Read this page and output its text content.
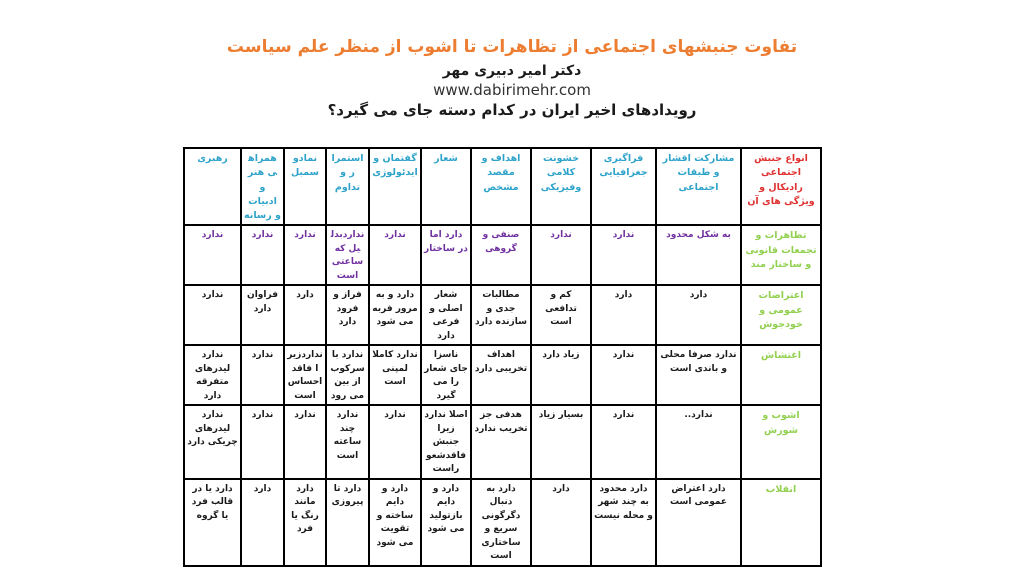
تفاوت جنبشهای اجتماعی از تظاهرات تا اشوب از منظر علم سیاست
دکتر امیر دبیری مهر
www.dabirimehr.com
رویدادهای اخیر ایران در کدام دسته جای می گیرد؟
انواع جنبش اجتماعی رادیکال و ویژگی های آن	مشارکت اقشار و طبقات اجتماعی	فراگیری جغرافیایی	خشونت کلامی وفیزیکی	اهداف و مقصد مشخص	شعار	گفتمان و ایدئولوژی	استمرار و تداوم	نمادو سمبل	همراهی هنر و ادبیات و رسانه	رهبری
تظاهرات و تجمعات قانونی و ساختار مند	به شکل محدود	ندارد	ندارد	صنفی و گروهی	دارد اما در ساختار	ندارد	نداردبدلیل که ساعتی است	ندارد	ندارد	ندارد
اعتراضات عمومی و خودجوش	دارد	دارد	کم و تدافعی است	مطالبات جدی و سازنده دارد	شعار اصلی و فرعی دارد	دارد و به مرور فربه می شود	فراز و فرود دارد	دارد	فراوان دارد	ندارد
اغتشاش	ندارد صرفا محلی و باندی است	ندارد	زیاد دارد	اهداف تخریبی دارد	ناسزا جای شعار را می گیرد	ندارد کاملا لمپنی است	ندارد با سرکوب از بین می رود	نداردزیرا فاقد احساس است	ندارد	ندارد لیدرهای متفرقه دارد
اشوب و شورش	ندارد..	ندارد	بسیار زیاد	هدفی جز تخریب ندارد	اصلا ندارد زیرا جنبش فاقدشعوراست	ندارد	ندارد چند ساعته است	ندارد	ندارد	ندارد لیدرهای چریکی دارد
انقلاب	دارد اعتراض عمومی است	دارد محدود به چند شهر و محله نیست	دارد	دارد به دنبال دگرگونی سریع و ساختاری است	دارد و دایم بازتولید می شود	دارد و دایم ساخته و تقویت می شود	دارد تا پیروزی	دارد مانند رنگ یا فرد	دارد	دارد یا در قالب فرد یا گروه
